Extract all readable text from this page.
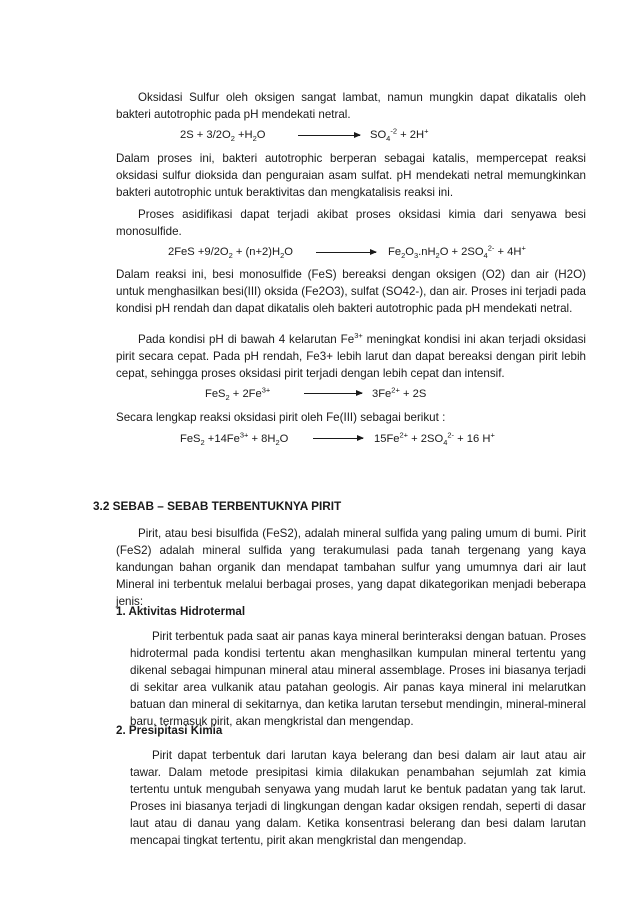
Oksidasi Sulfur oleh oksigen sangat lambat, namun mungkin dapat dikatalis oleh bakteri autotrophic pada pH mendekati netral.

$2S + 3/2O_2 +H_2O \to SO_4^{-2} + 2H^+$

Dalam proses ini, bakteri autotrophic berperan sebagai katalis, mempercepat reaksi oksidasi sulfur dioksida dan penguraian asam sulfat. pH mendekati netral memungkinkan bakteri autotrophic untuk beraktivitas dan mengkatalisis reaksi ini.

Proses asidifikasi dapat terjadi akibat proses oksidasi kimia dari senyawa besi monosulfide.

$2FeS +9/2O_2 + (n+2)H_2O \to Fe_2O_3.nH_2O + 2SO_4^{2-} + 4H^+$

Dalam reaksi ini, besi monosulfide (FeS) bereaksi dengan oksigen (O2) dan air (H2O) untuk menghasilkan besi(III) oksida (Fe2O3), sulfat (SO42-), dan air. Proses ini terjadi pada kondisi pH rendah dan dapat dikatalis oleh bakteri autotrophic pada pH mendekati netral.

Pada kondisi pH di bawah 4 kelarutan $Fe^{3+}$ meningkat kondisi ini akan terjadi oksidasi pirit secara cepat. Pada pH rendah, Fe3+ lebih larut dan dapat bereaksi dengan pirit lebih cepat, sehingga proses oksidasi pirit terjadi dengan lebih cepat dan intensif.

$FeS_2 + 2Fe^{3+} \to 3Fe^{2+} + 2S$

Secara lengkap reaksi oksidasi pirit oleh Fe(III) sebagai berikut :

$FeS_2 +14Fe^{3+} + 8H_2O \to 15Fe^{2+} + 2SO_4^{2-} + 16$ H+
3.2 SEBAB – SEBAB TERBENTUKNYA PIRIT

Pirit, atau besi bisulfida (FeS2), adalah mineral sulfida yang paling umum di bumi. Pirit (FeS2) adalah mineral sulfida yang terakumulasi pada tanah tergenang yang kaya kandungan bahan organik dan mendapat tambahan sulfur yang umumnya dari air laut Mineral ini terbentuk melalui berbagai proses, yang dapat dikategorikan menjadi beberapa jenis:

1. Aktivitas Hidrotermal

Pirit terbentuk pada saat air panas kaya mineral berinteraksi dengan batuan. Proses hidrotermal pada kondisi tertentu akan menghasilkan kumpulan mineral tertentu yang dikenal sebagai himpunan mineral atau mineral assemblage. Proses ini biasanya terjadi di sekitar area vulkanik atau patahan geologis. Air panas kaya mineral ini melarutkan batuan dan mineral di sekitarnya, dan ketika larutan tersebut mendingin, mineral-mineral baru, termasuk pirit, akan mengkristal dan mengendap.

2. Presipitasi Kimia

Pirit dapat terbentuk dari larutan kaya belerang dan besi dalam air laut atau air tawar. Dalam metode presipitasi kimia dilakukan penambahan sejumlah zat kimia tertentu untuk mengubah senyawa yang mudah larut ke bentuk padatan yang tak larut. Proses ini biasanya terjadi di lingkungan dengan kadar oksigen rendah, seperti di dasar laut atau di danau yang dalam. Ketika konsentrasi belerang dan besi dalam larutan mencapai tingkat tertentu, pirit akan mengkristal dan mengendap.
